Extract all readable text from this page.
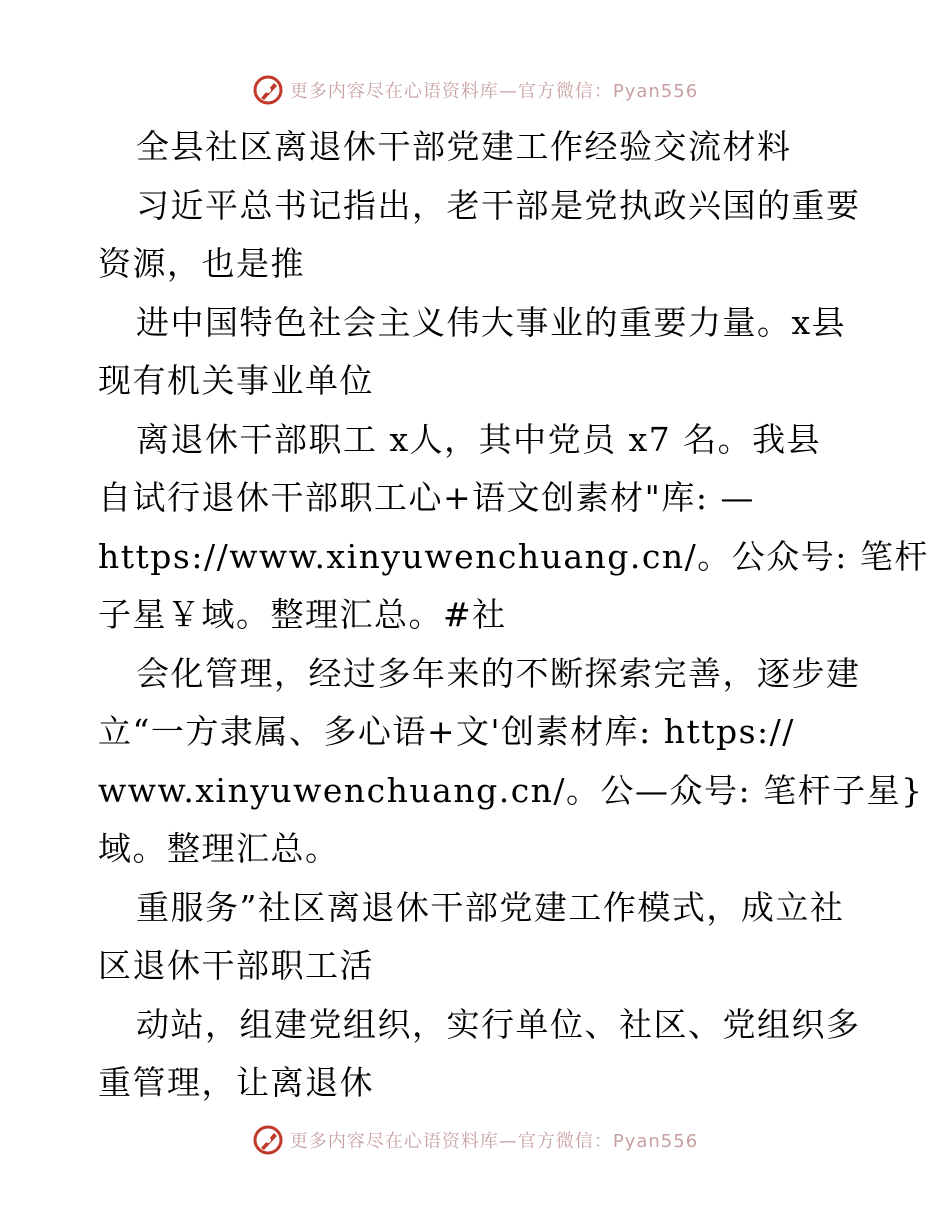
更多内容尽在心语资料库—官方微信：Pyan556
全县社区离退休干部党建工作经验交流材料
习近平总书记指出，老干部是党执政兴国的重要
资源，也是推
进中国特色社会主义伟大事业的重要力量。x县
现有机关事业单位
离退休干部职工 x人，其中党员 x7 名。我县
自试行退休干部职工心+语文创素材"库: —
https://www.xinyuwenchuang.cn/。公众号: 笔杆
子星￥域。整理汇总。#社
会化管理，经过多年来的不断探索完善，逐步建
立“一方隶属、多心语+文'创素材库: https://
www.xinyuwenchuang.cn/。公—众号: 笔杆子星}
域。整理汇总。
重服务”社区离退休干部党建工作模式，成立社
区退休干部职工活
动站，组建党组织，实行单位、社区、党组织多
重管理，让离退休
更多内容尽在心语资料库—官方微信：Pyan556
